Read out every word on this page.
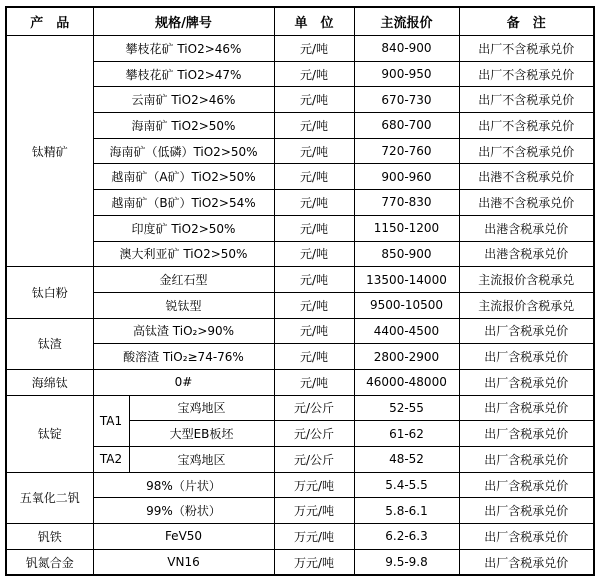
产　品	规格/牌号		单　位	主流报价	备　注
钛精矿	攀枝花矿 TiO2>46%		元/吨	840-900	出厂不含税承兑价
	攀枝花矿 TiO2>47%		元/吨	900-950	出厂不含税承兑价
	云南矿 TiO2>46%		元/吨	670-730	出厂不含税承兑价
	海南矿 TiO2>50%		元/吨	680-700	出厂不含税承兑价
	海南矿（低磷）TiO2>50%		元/吨	720-760	出厂不含税承兑价
	越南矿（A矿）TiO2>50%		元/吨	900-960	出港不含税承兑价
	越南矿（B矿）TiO2>54%		元/吨	770-830	出港不含税承兑价
	印度矿 TiO2>50%		元/吨	1150-1200	出港含税承兑价
	澳大利亚矿 TiO2>50%		元/吨	850-900	出港含税承兑价
钛白粉	金红石型		元/吨	13500-14000	主流报价含税承兑
	锐钛型		元/吨	9500-10500	主流报价含税承兑
钛渣	高钛渣 TiO₂>90%		元/吨	4400-4500	出厂含税承兑价
	酸溶渣 TiO₂≥74-76%		元/吨	2800-2900	出厂含税承兑价
海绵钛	0#		元/吨	46000-48000	出厂含税承兑价
钛锭	TA1	宝鸡地区	元/公斤	52-55	出厂含税承兑价
		大型EB板坯	元/公斤	61-62	出厂含税承兑价
	TA2	宝鸡地区	元/公斤	48-52	出厂含税承兑价
五氧化二钒	98%（片状）		万元/吨	5.4-5.5	出厂含税承兑价
	99%（粉状）		万元/吨	5.8-6.1	出厂含税承兑价
钒铁	FeV50		万元/吨	6.2-6.3	出厂含税承兑价
钒氮合金	VN16		万元/吨	9.5-9.8	出厂含税承兑价
